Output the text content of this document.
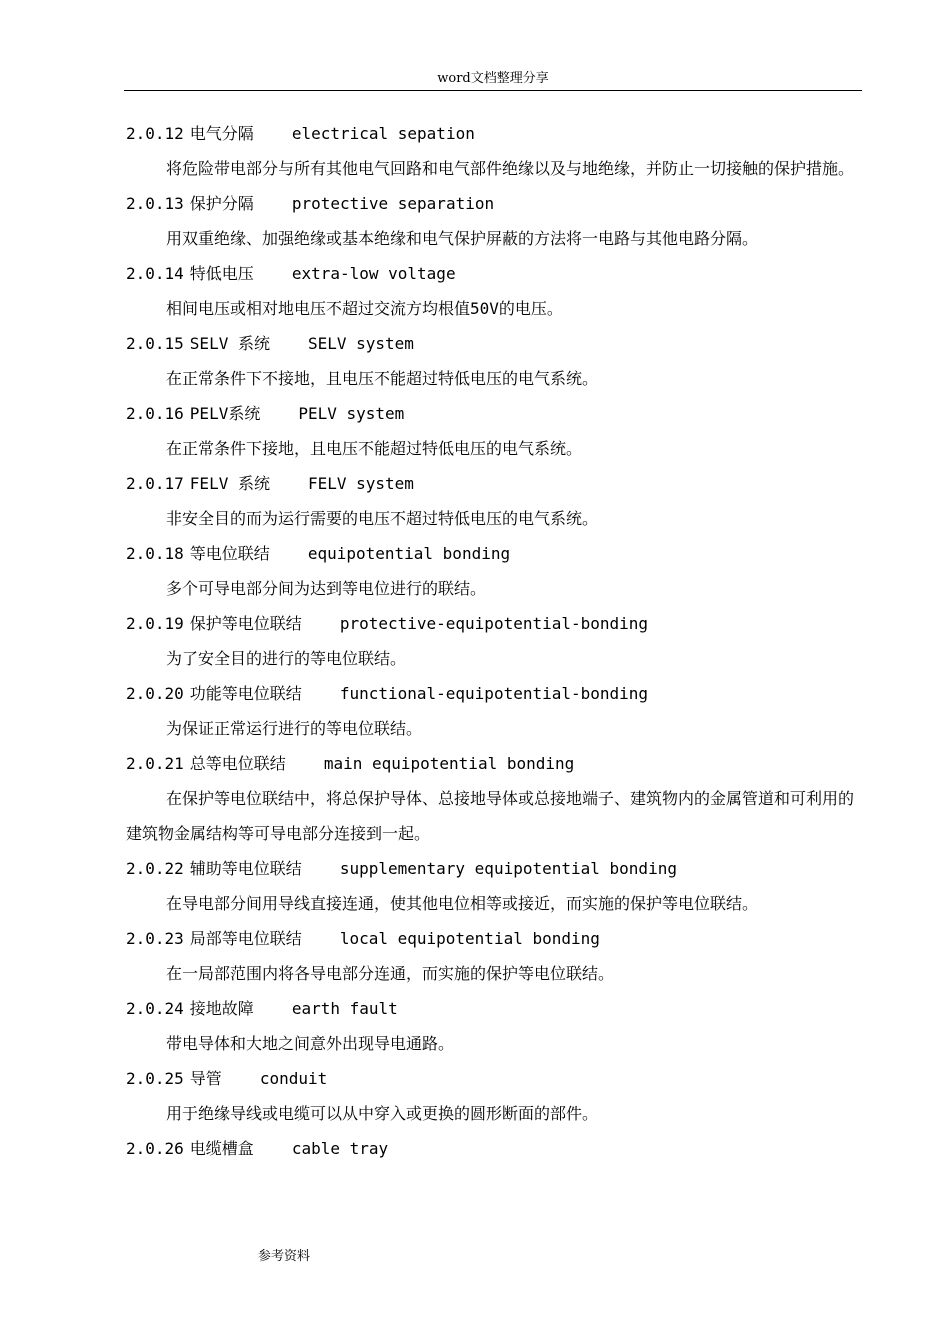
word文档整理分享
2.0.12 电气分隔 electrical sepation
将危险带电部分与所有其他电气回路和电气部件绝缘以及与地绝缘，并防止一切接触的保护措施。
2.0.13 保护分隔 protective separation
用双重绝缘、加强绝缘或基本绝缘和电气保护屏蔽的方法将一电路与其他电路分隔。
2.0.14 特低电压 extra-low voltage
相间电压或相对地电压不超过交流方均根值50V的电压。
2.0.15 SELV 系统 SELV system
在正常条件下不接地，且电压不能超过特低电压的电气系统。
2.0.16 PELV系统 PELV system
在正常条件下接地，且电压不能超过特低电压的电气系统。
2.0.17 FELV 系统 FELV system
非安全目的而为运行需要的电压不超过特低电压的电气系统。
2.0.18 等电位联结 equipotential bonding
多个可导电部分间为达到等电位进行的联结。
2.0.19 保护等电位联结 protective-equipotential-bonding
为了安全目的进行的等电位联结。
2.0.20 功能等电位联结 functional-equipotential-bonding
为保证正常运行进行的等电位联结。
2.0.21 总等电位联结 main equipotential bonding
在保护等电位联结中，将总保护导体、总接地导体或总接地端子、建筑物内的金属管道和可利用的建筑物金属结构等可导电部分连接到一起。
2.0.22 辅助等电位联结 supplementary equipotential bonding
在导电部分间用导线直接连通，使其他电位相等或接近，而实施的保护等电位联结。
2.0.23 局部等电位联结 local equipotential bonding
在一局部范围内将各导电部分连通，而实施的保护等电位联结。
2.0.24 接地故障 earth fault
带电导体和大地之间意外出现导电通路。
2.0.25 导管 conduit
用于绝缘导线或电缆可以从中穿入或更换的圆形断面的部件。
2.0.26 电缆槽盒 cable tray
参考资料
